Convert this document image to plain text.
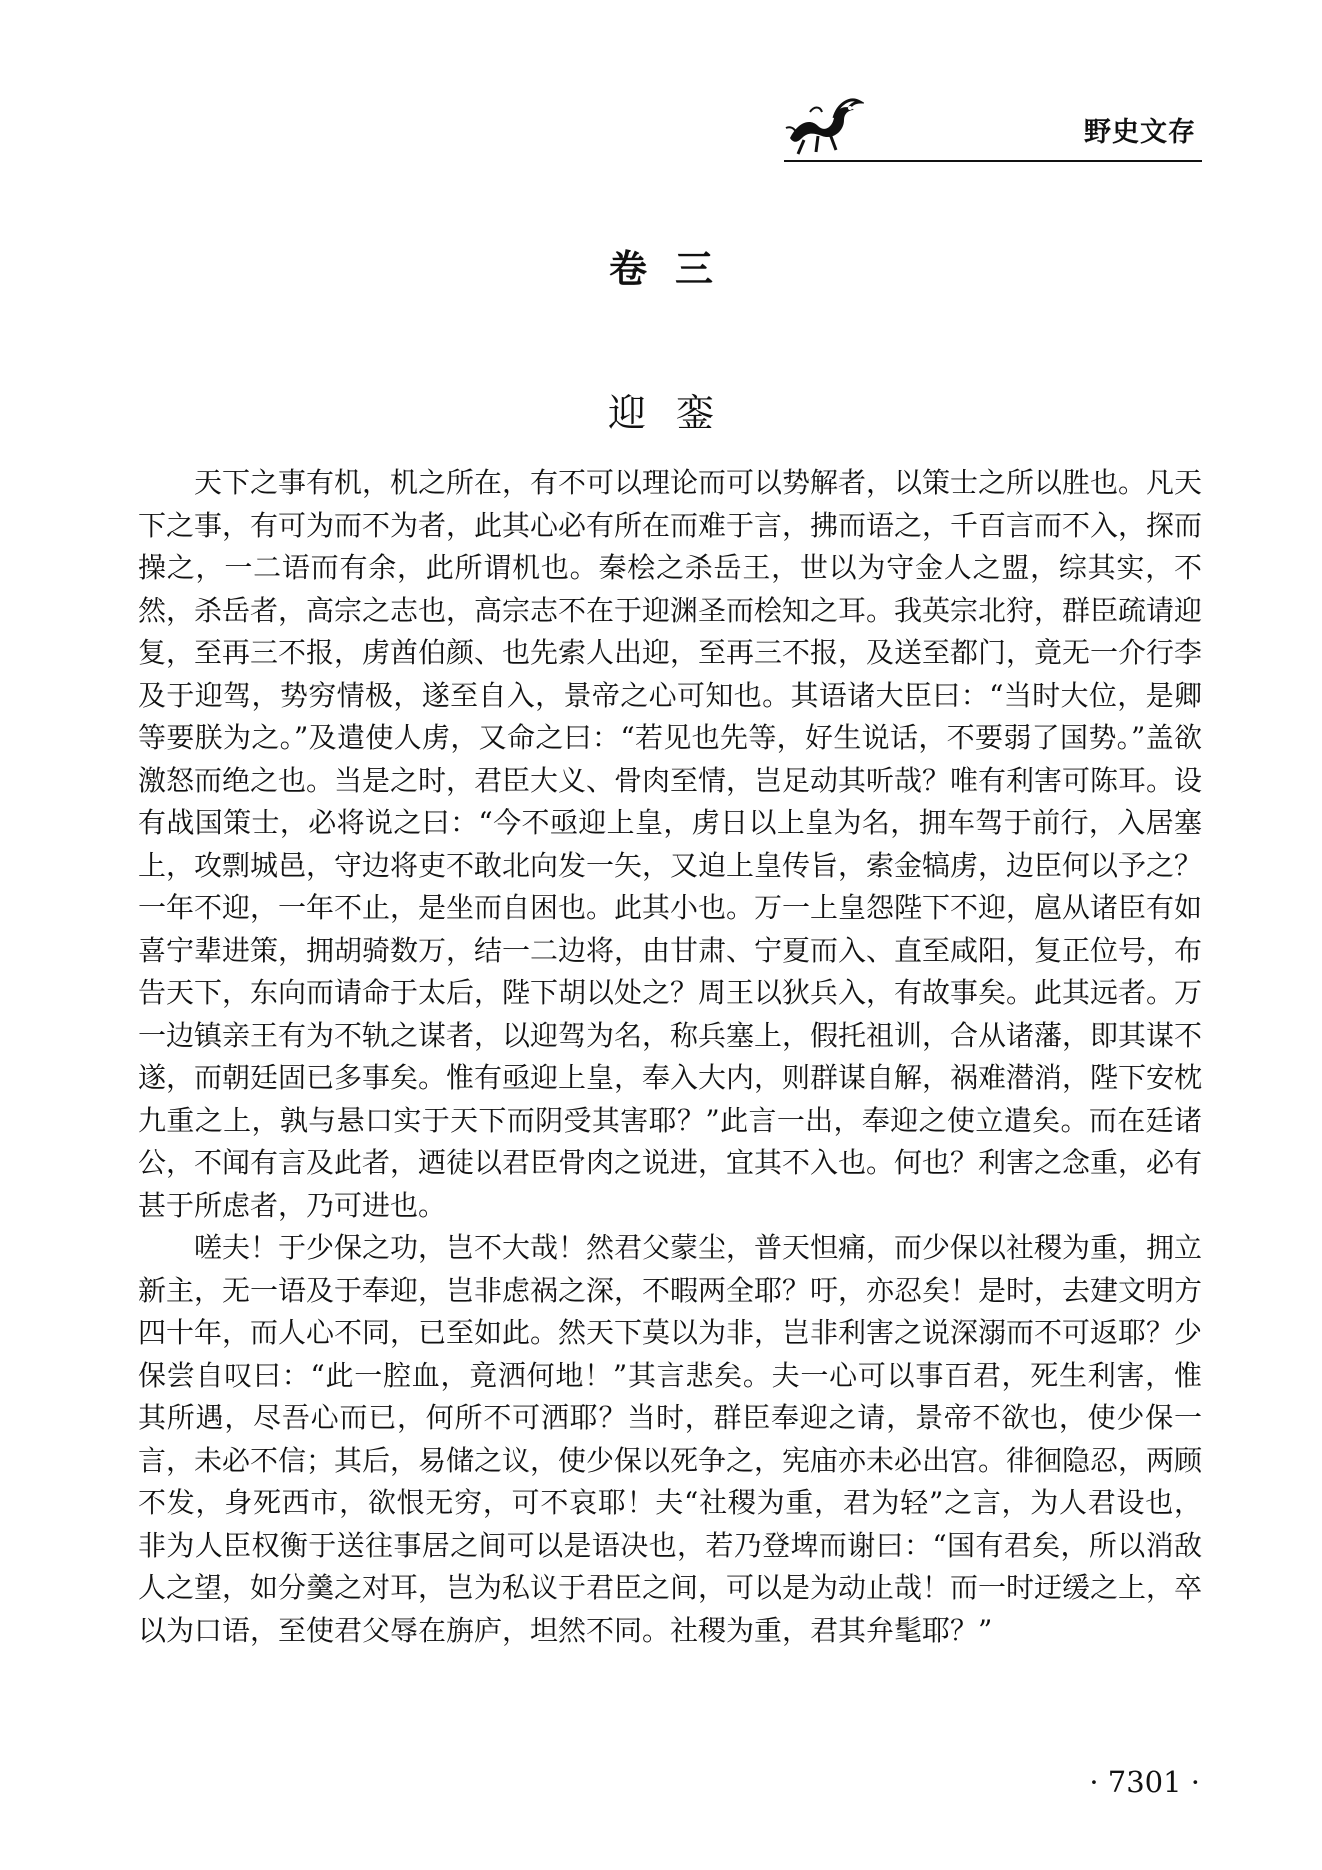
野史文存
卷三
迎銮

天下之事有机，机之所在，有不可以理论而可以势解者，以策士之所以胜也。凡天下之事，有可为而不为者，此其心必有所在而难于言，拂而语之，千百言而不入，探而操之，一二语而有余，此所谓机也。秦桧之杀岳王，世以为守金人之盟，综其实，不然，杀岳者，高宗之志也，高宗志不在于迎渊圣而桧知之耳。我英宗北狩，群臣疏请迎复，至再三不报，虏酋伯颜、也先索人出迎，至再三不报，及送至都门，竟无一介行李及于迎驾，势穷情极，遂至自入，景帝之心可知也。其语诸大臣曰：“当时大位，是卿等要朕为之。”及遣使人虏，又命之曰：“若见也先等，好生说话，不要弱了国势。”盖欲激怒而绝之也。当是之时，君臣大义、骨肉至情，岂足动其听哉？唯有利害可陈耳。设有战国策士，必将说之曰：“今不亟迎上皇，虏日以上皇为名，拥车驾于前行，入居塞上，攻剽城邑，守边将吏不敢北向发一矢，又迫上皇传旨，索金犒虏，边臣何以予之？一年不迎，一年不止，是坐而自困也。此其小也。万一上皇怨陛下不迎，扈从诸臣有如喜宁辈进策，拥胡骑数万，结一二边将，由甘肃、宁夏而入、直至咸阳，复正位号，布告天下，东向而请命于太后，陛下胡以处之？周王以狄兵入，有故事矣。此其远者。万一边镇亲王有为不轨之谋者，以迎驾为名，称兵塞上，假托祖训，合从诸藩，即其谋不遂，而朝廷固已多事矣。惟有亟迎上皇，奉入大内，则群谋自解，祸难潜消，陛下安枕九重之上，孰与悬口实于天下而阴受其害耶？”此言一出，奉迎之使立遣矣。而在廷诸公，不闻有言及此者，迺徒以君臣骨肉之说进，宜其不入也。何也？利害之念重，必有甚于所虑者，乃可进也。

嗟夫！于少保之功，岂不大哉！然君父蒙尘，普天怛痛，而少保以社稷为重，拥立新主，无一语及于奉迎，岂非虑祸之深，不暇两全耶？吁，亦忍矣！是时，去建文明方四十年，而人心不同，已至如此。然天下莫以为非，岂非利害之说深溺而不可返耶？少保尝自叹曰：“此一腔血，竟洒何地！”其言悲矣。夫一心可以事百君，死生利害，惟其所遇，尽吾心而已，何所不可洒耶？当时，群臣奉迎之请，景帝不欲也，使少保一言，未必不信；其后，易储之议，使少保以死争之，宪庙亦未必出宫。徘徊隐忍，两顾不发，身死西市，欲恨无穷，可不哀耶！夫“社稷为重，君为轻”之言，为人君设也，非为人臣权衡于送往事居之间可以是语决也，若乃登埤而谢曰：“国有君矣，所以消敌人之望，如分羹之对耳，岂为私议于君臣之间，可以是为动止哉！而一时迂缓之上，卒以为口语，至使君父辱在旃庐，坦然不同。社稷为重，君其弁髦耶？”

· 7301 ·
